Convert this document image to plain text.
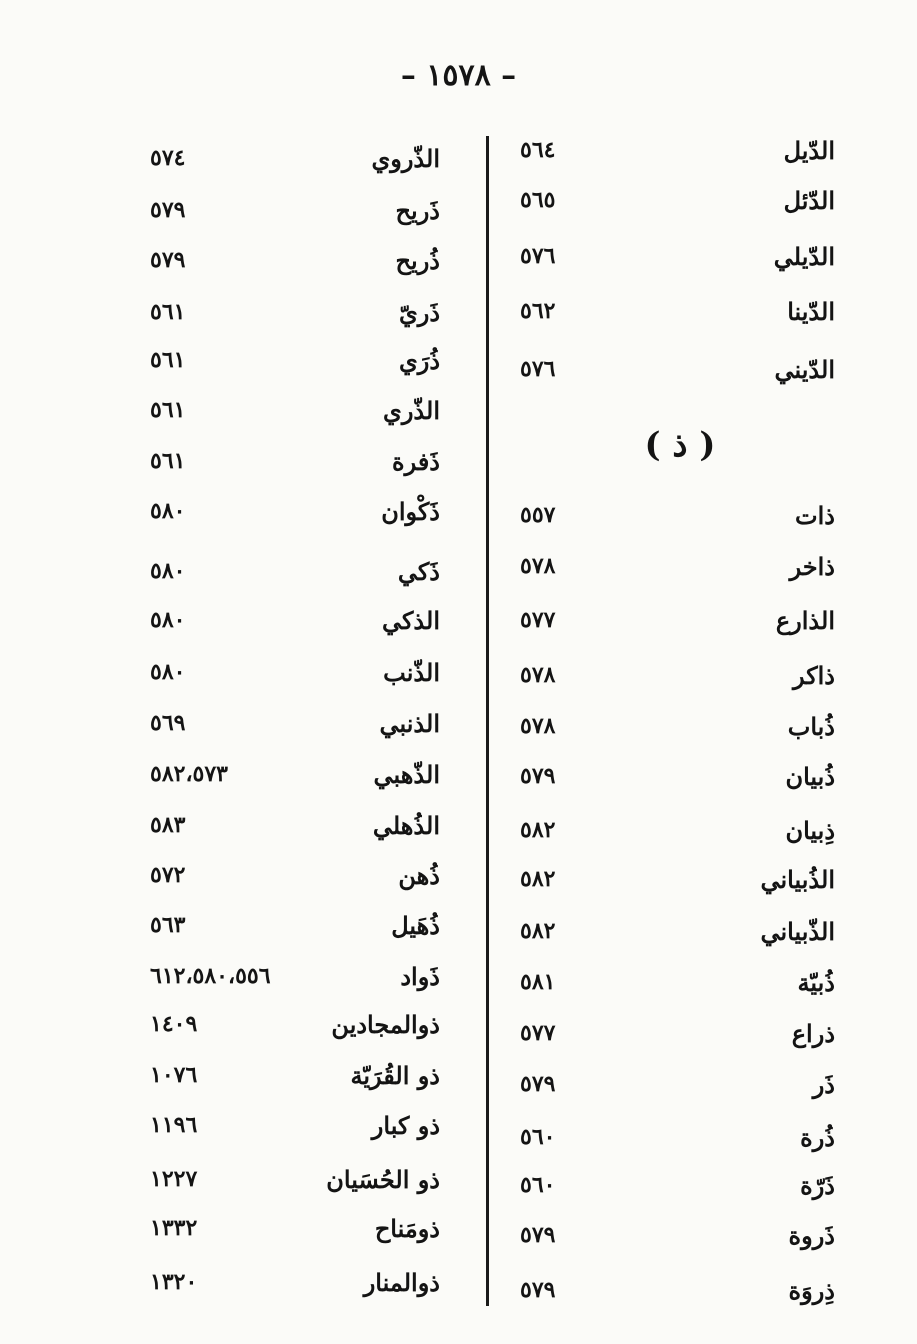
– ١٥٧٨ –
( ذ )
٥٦٤	الدّيل
٥٦٥	الدّئل
٥٧٦	الدّيلي
٥٦٢	الدّينا
٥٧٦	الدّيني
٥٥٧	ذات
٥٧٨	ذاخر
٥٧٧	الذارع
٥٧٨	ذاكر
٥٧٨	ذُباب
٥٧٩	ذُبيان
٥٨٢	ذِبيان
٥٨٢	الذُبياني
٥٨٢	الذّبياني
٥٨١	ذُبيّة
٥٧٧	ذراع
٥٧٩	ذَر
٥٦٠	ذُرة
٥٦٠	ذَرّة
٥٧٩	ذَروة
٥٧٩	ذِروَة
٥٧٤	الذّروي
٥٧٩	ذَريح
٥٧٩	ذُريح
٥٦١	ذَريّ
٥٦١	ذُرَي
٥٦١	الذّري
٥٦١	ذَفرة
٥٨٠	ذَكْوان
٥٨٠	ذَكي
٥٨٠	الذكي
٥٨٠	الذّنب
٥٦٩	الذنبي
٥٨٢،٥٧٣	الذّهبي
٥٨٣	الذُهلي
٥٧٢	ذُهن
٥٦٣	ذُهَيل
٦١٢،٥٨٠،٥٥٦	ذَواد
١٤٠٩	ذوالمجادين
١٠٧٦	ذو القُرَيّة
١١٩٦	ذو كبار
١٢٢٧	ذو الحُسَيان
١٣٣٢	ذومَناح
١٣٢٠	ذوالمنار
